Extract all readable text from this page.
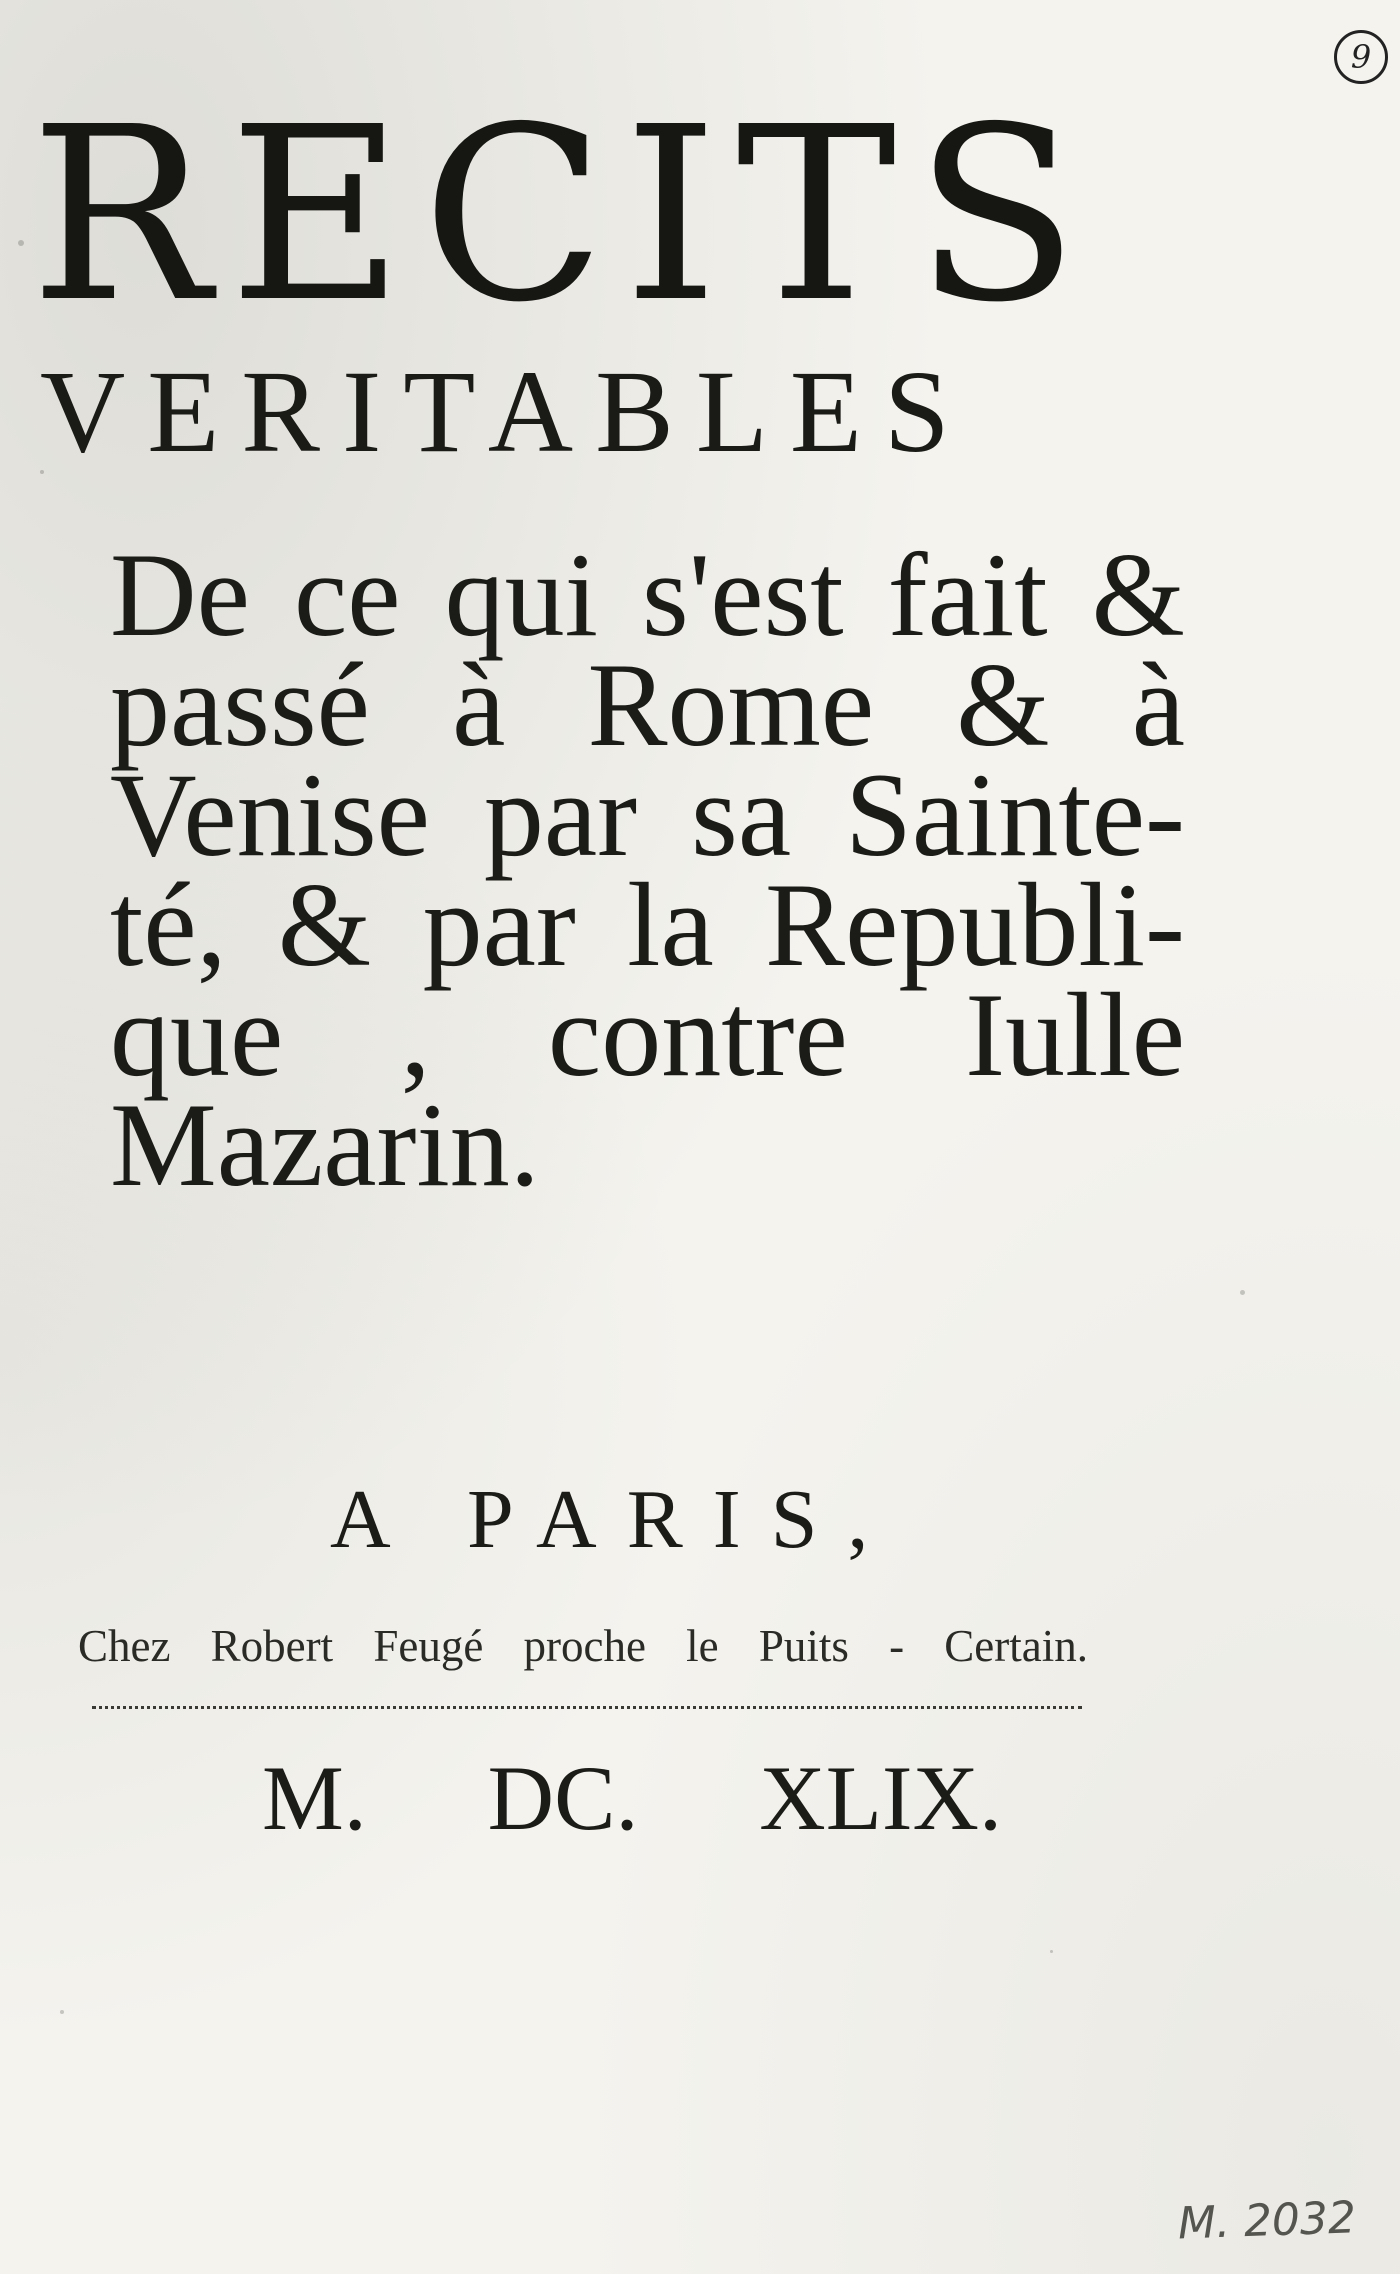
9
RECITS
VERITABLES
De ce qui s'est fait &
passé à Rome & à
Venise par sa Sainte-
té, & par la Republi-
que , contre Iulle
Mazarin.
A PARIS,
Chez Robert Feugé proche le Puits - Certain.
M. DC. XLIX.
M. 2032
